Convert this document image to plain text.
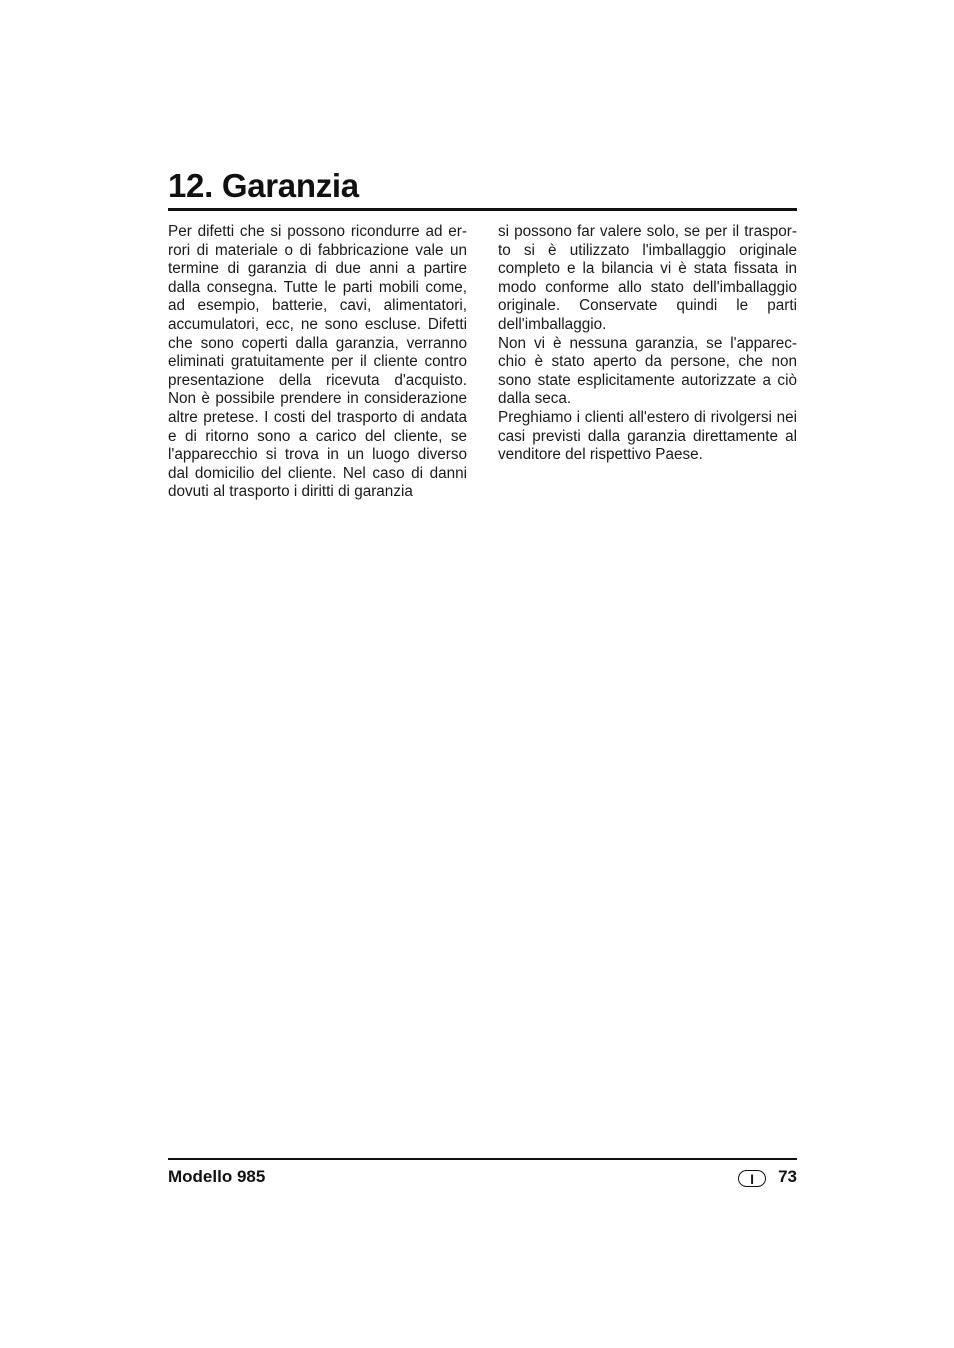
12. Garanzia

Per difetti che si possono ricondurre ad errori di materiale o di fabbricazione vale un termine di garanzia di due anni a partire dalla consegna. Tutte le parti mobili come, ad esempio, batterie, cavi, alimentatori, accumulatori, ecc, ne sono escluse. Difetti che sono coperti dalla garanzia, verranno eliminati gratuitamente per il cliente contro presentazione della ricevuta d'acquisto. Non è possibile prendere in considerazione altre pretese. I costi del trasporto di andata e di ritorno sono a carico del cliente, se l'apparecchio si trova in un luogo diverso dal domicilio del cliente. Nel caso di danni dovuti al trasporto i diritti di garanzia

si possono far valere solo, se per il trasporto si è utilizzato l'imballaggio originale completo e la bilancia vi è stata fissata in modo conforme allo stato dell'imballaggio originale. Conservate quindi le parti dell'imballaggio.

Non vi è nessuna garanzia, se l'apparecchio è stato aperto da persone, che non sono state esplicitamente autorizzate a ciò dalla seca.

Preghiamo i clienti all'estero di rivolgersi nei casi previsti dalla garanzia direttamente al venditore del rispettivo Paese.

Modello 985	I	73
